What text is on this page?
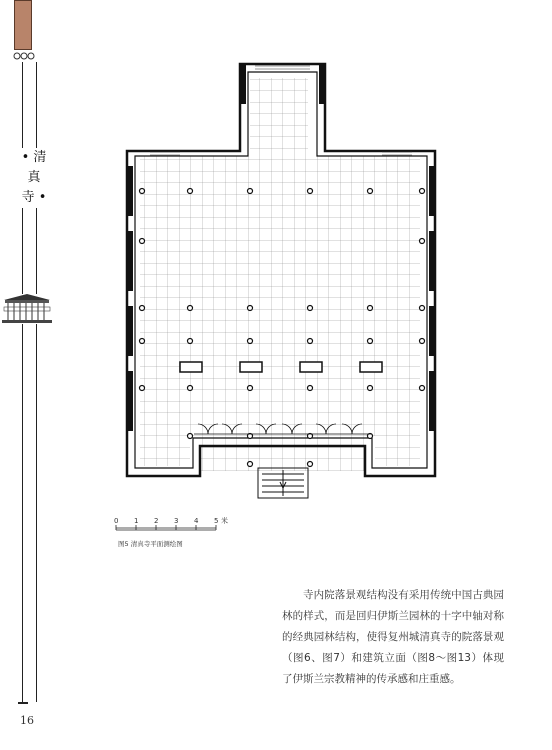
• 清
真
寺 •
0 1 2 3 4 5 米
图5 清真寺平面测绘图

寺内院落景观结构没有采用传统中国古典园林的样式，而是回归伊斯兰园林的十字中轴对称的经典园林结构，使得复州城清真寺的院落景观（图6、图7）和建筑立面（图8～图13）体现了伊斯兰宗教精神的传承感和庄重感。

16
